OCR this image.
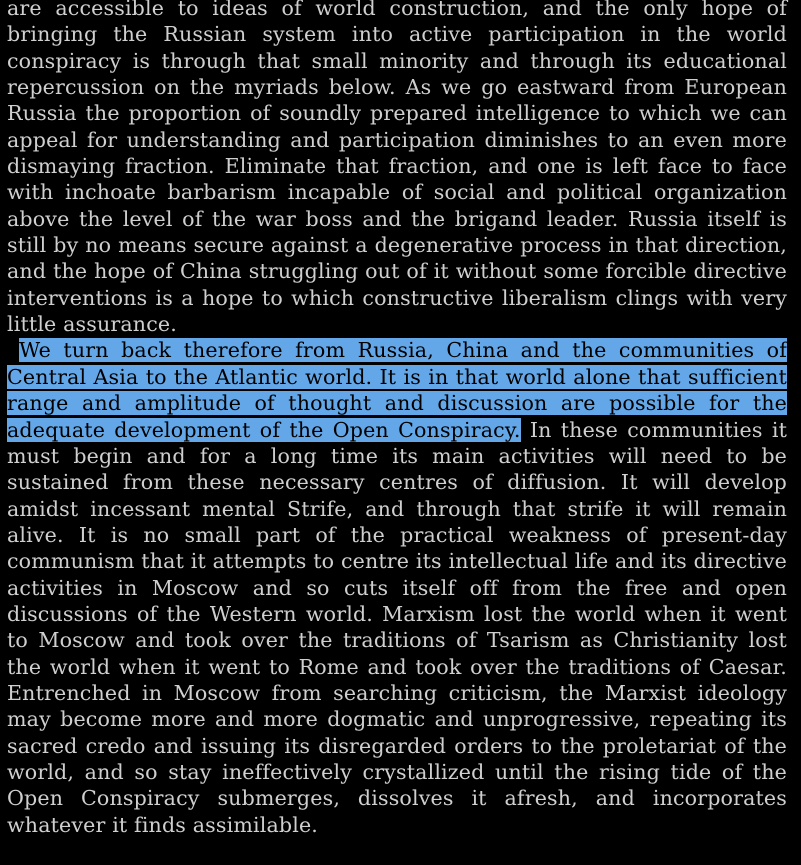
are accessible to ideas of world construction, and the only hope of bringing the Russian system into active participation in the world conspiracy is through that small minority and through its educational repercussion on the myriads below. As we go eastward from European Russia the proportion of soundly prepared intelligence to which we can appeal for understanding and participation diminishes to an even more dismaying fraction. Eliminate that fraction, and one is left face to face with inchoate barbarism incapable of social and political organization above the level of the war boss and the brigand leader. Russia itself is still by no means secure against a degenerative process in that direction, and the hope of China struggling out of it without some forcible directive interventions is a hope to which constructive liberalism clings with very little assurance.

We turn back therefore from Russia, China and the communities of Central Asia to the Atlantic world. It is in that world alone that sufficient range and amplitude of thought and discussion are possible for the adequate development of the Open Conspiracy. In these communities it must begin and for a long time its main activities will need to be sustained from these necessary centres of diffusion. It will develop amidst incessant mental Strife, and through that strife it will remain alive. It is no small part of the practical weakness of present-day communism that it attempts to centre its intellectual life and its directive activities in Moscow and so cuts itself off from the free and open discussions of the Western world. Marxism lost the world when it went to Moscow and took over the traditions of Tsarism as Christianity lost the world when it went to Rome and took over the traditions of Caesar. Entrenched in Moscow from searching criticism, the Marxist ideology may become more and more dogmatic and unprogressive, repeating its sacred credo and issuing its disregarded orders to the proletariat of the world, and so stay ineffectively crystallized until the rising tide of the Open Conspiracy submerges, dissolves it afresh, and incorporates whatever it finds assimilable.
